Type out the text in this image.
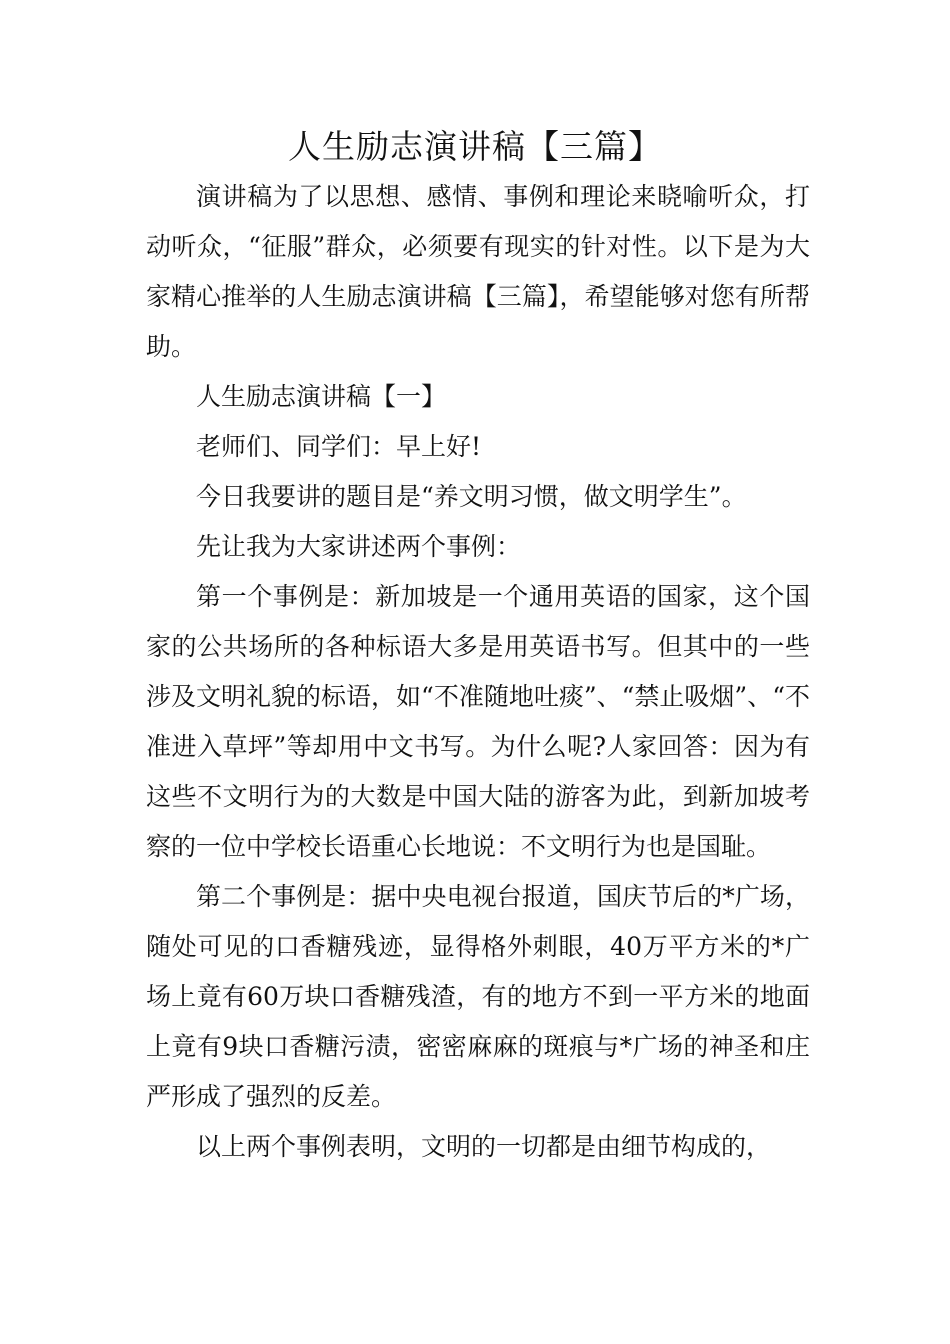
人生励志演讲稿【三篇】

演讲稿为了以思想、感情、事例和理论来晓喻听众，打动听众，“征服”群众，必须要有现实的针对性。以下是为大家精心推举的人生励志演讲稿【三篇】，希望能够对您有所帮助。

人生励志演讲稿【一】

老师们、同学们：早上好!

今日我要讲的题目是“养文明习惯，做文明学生”。

先让我为大家讲述两个事例：

第一个事例是：新加坡是一个通用英语的国家，这个国家的公共场所的各种标语大多是用英语书写。但其中的一些涉及文明礼貌的标语，如“不准随地吐痰”、“禁止吸烟”、“不准进入草坪”等却用中文书写。为什么呢?人家回答：因为有这些不文明行为的大数是中国大陆的游客为此，到新加坡考察的一位中学校长语重心长地说：不文明行为也是国耻。

第二个事例是：据中央电视台报道，国庆节后的*广场，随处可见的口香糖残迹，显得格外刺眼，40万平方米的*广场上竟有60万块口香糖残渣，有的地方不到一平方米的地面上竟有9块口香糖污渍，密密麻麻的斑痕与*广场的神圣和庄严形成了强烈的反差。

以上两个事例表明，文明的一切都是由细节构成的，
